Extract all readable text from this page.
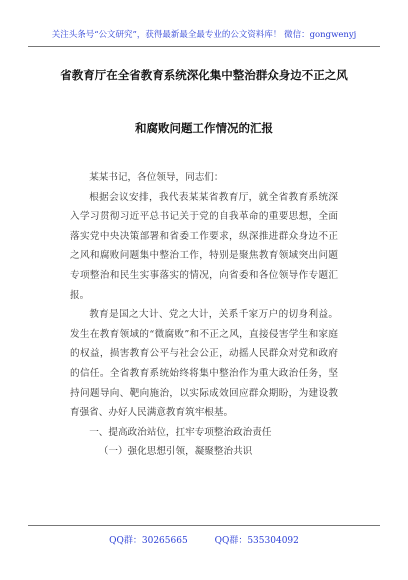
关注头条号“公文研究”，获得最新最全最专业的公文资料库！ 微信：gongwenyj
省教育厅在全省教育系统深化集中整治群众身边不正之风
和腐败问题工作情况的汇报

某某书记，各位领导，同志们：

根据会议安排，我代表某某省教育厅，就全省教育系统深入学习贯彻习近平总书记关于党的自我革命的重要思想，全面落实党中央决策部署和省委工作要求，纵深推进群众身边不正之风和腐败问题集中整治工作，特别是聚焦教育领域突出问题专项整治和民生实事落实的情况，向省委和各位领导作专题汇报。

教育是国之大计、党之大计，关系千家万户的切身利益。发生在教育领域的“微腐败”和不正之风，直接侵害学生和家庭的权益，损害教育公平与社会公正，动摇人民群众对党和政府的信任。全省教育系统始终将集中整治作为重大政治任务，坚持问题导向、靶向施治，以实际成效回应群众期盼，为建设教育强省、办好人民满意教育筑牢根基。

一、提高政治站位，扛牢专项整治政治责任

（一）强化思想引领，凝聚整治共识

QQ群：30265665	QQ群：535304092
